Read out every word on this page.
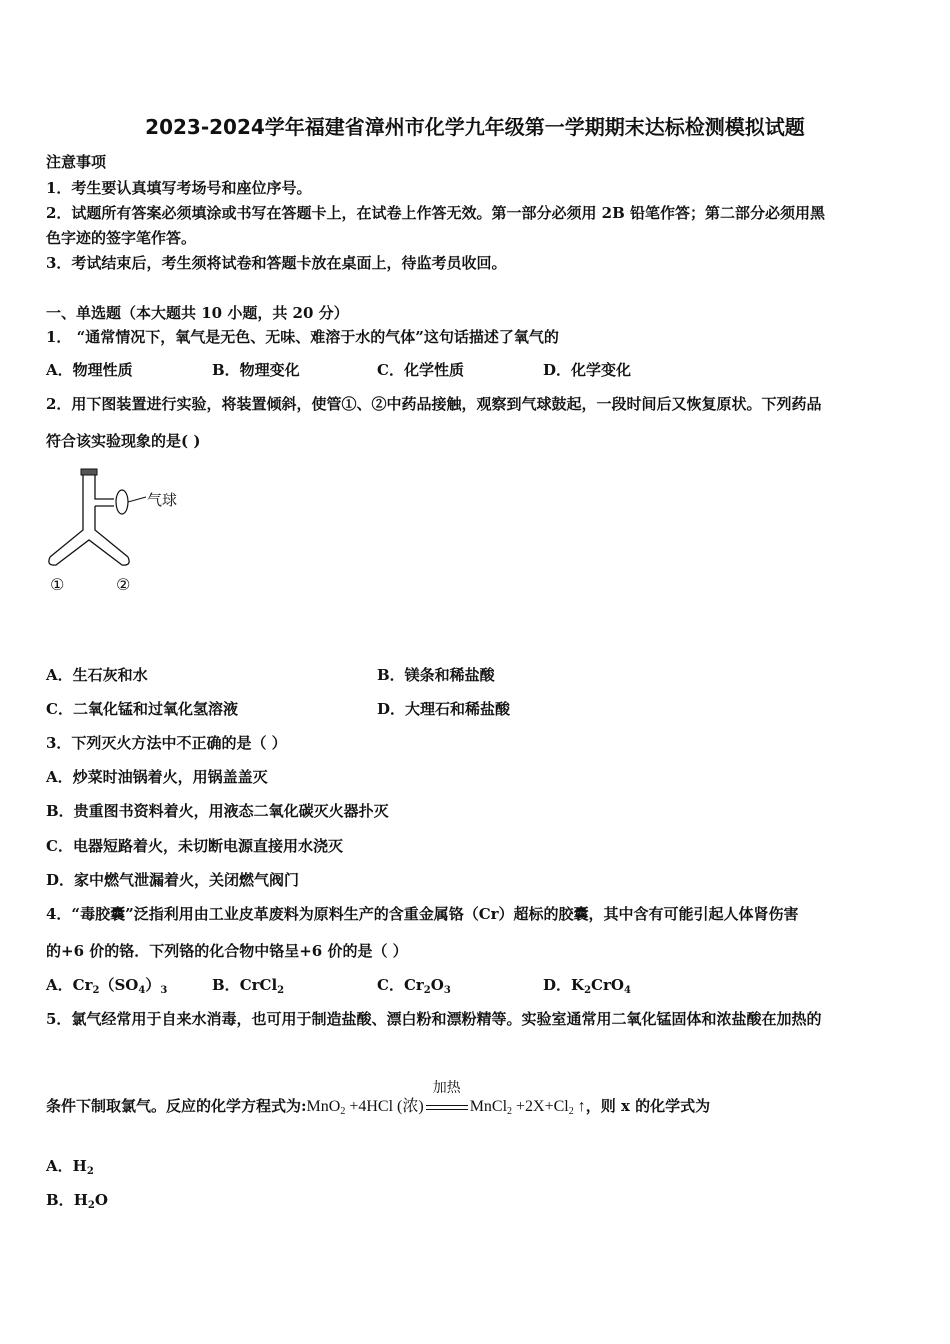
2023-2024学年福建省漳州市化学九年级第一学期期末达标检测模拟试题
注意事项
1．考生要认真填写考场号和座位序号。
2．试题所有答案必须填涂或书写在答题卡上，在试卷上作答无效。第一部分必须用 2B 铅笔作答；第二部分必须用黑
色字迹的签字笔作答。
3．考试结束后，考生须将试卷和答题卡放在桌面上，待监考员收回。
一、单选题（本大题共 10 小题，共 20 分）
1． “通常情况下，氧气是无色、无味、难溶于水的气体”这句话描述了氧气的
A．物理性质	B．物理变化	C．化学性质	D．化学变化
2．用下图装置进行实验，将装置倾斜，使管①、②中药品接触，观察到气球鼓起，一段时间后又恢复原状。下列药品
符合该实验现象的是( )
气球
①	②
A．生石灰和水	B．镁条和稀盐酸
C．二氧化锰和过氧化氢溶液	D．大理石和稀盐酸
3．下列灭火方法中不正确的是（ ）
A．炒菜时油锅着火，用锅盖盖灭
B．贵重图书资料着火，用液态二氧化碳灭火器扑灭
C．电器短路着火，未切断电源直接用水浇灭
D．家中燃气泄漏着火，关闭燃气阀门
4．“毒胶囊”泛指利用由工业皮革废料为原料生产的含重金属铬（Cr）超标的胶囊，其中含有可能引起人体肾伤害
的+6 价的铬．下列铬的化合物中铬呈+6 价的是（ ）
A．$Cr_2(SO_4)_3$	B．CrCl$_2$	C．$Cr_2O_3$	D．$K_2CrO_4$
5．氯气经常用于自来水消毒，也可用于制造盐酸、漂白粉和漂粉精等。实验室通常用二氧化锰固体和浓盐酸在加热的
条件下制取氯气。反应的化学方程式为:MnO$_2$ +4HCl (浓)
加热
MnCl$_2$ $+2X+Cl_2$ ↑，则 x 的化学式为
A．$H_2$
B．$H_2O$
